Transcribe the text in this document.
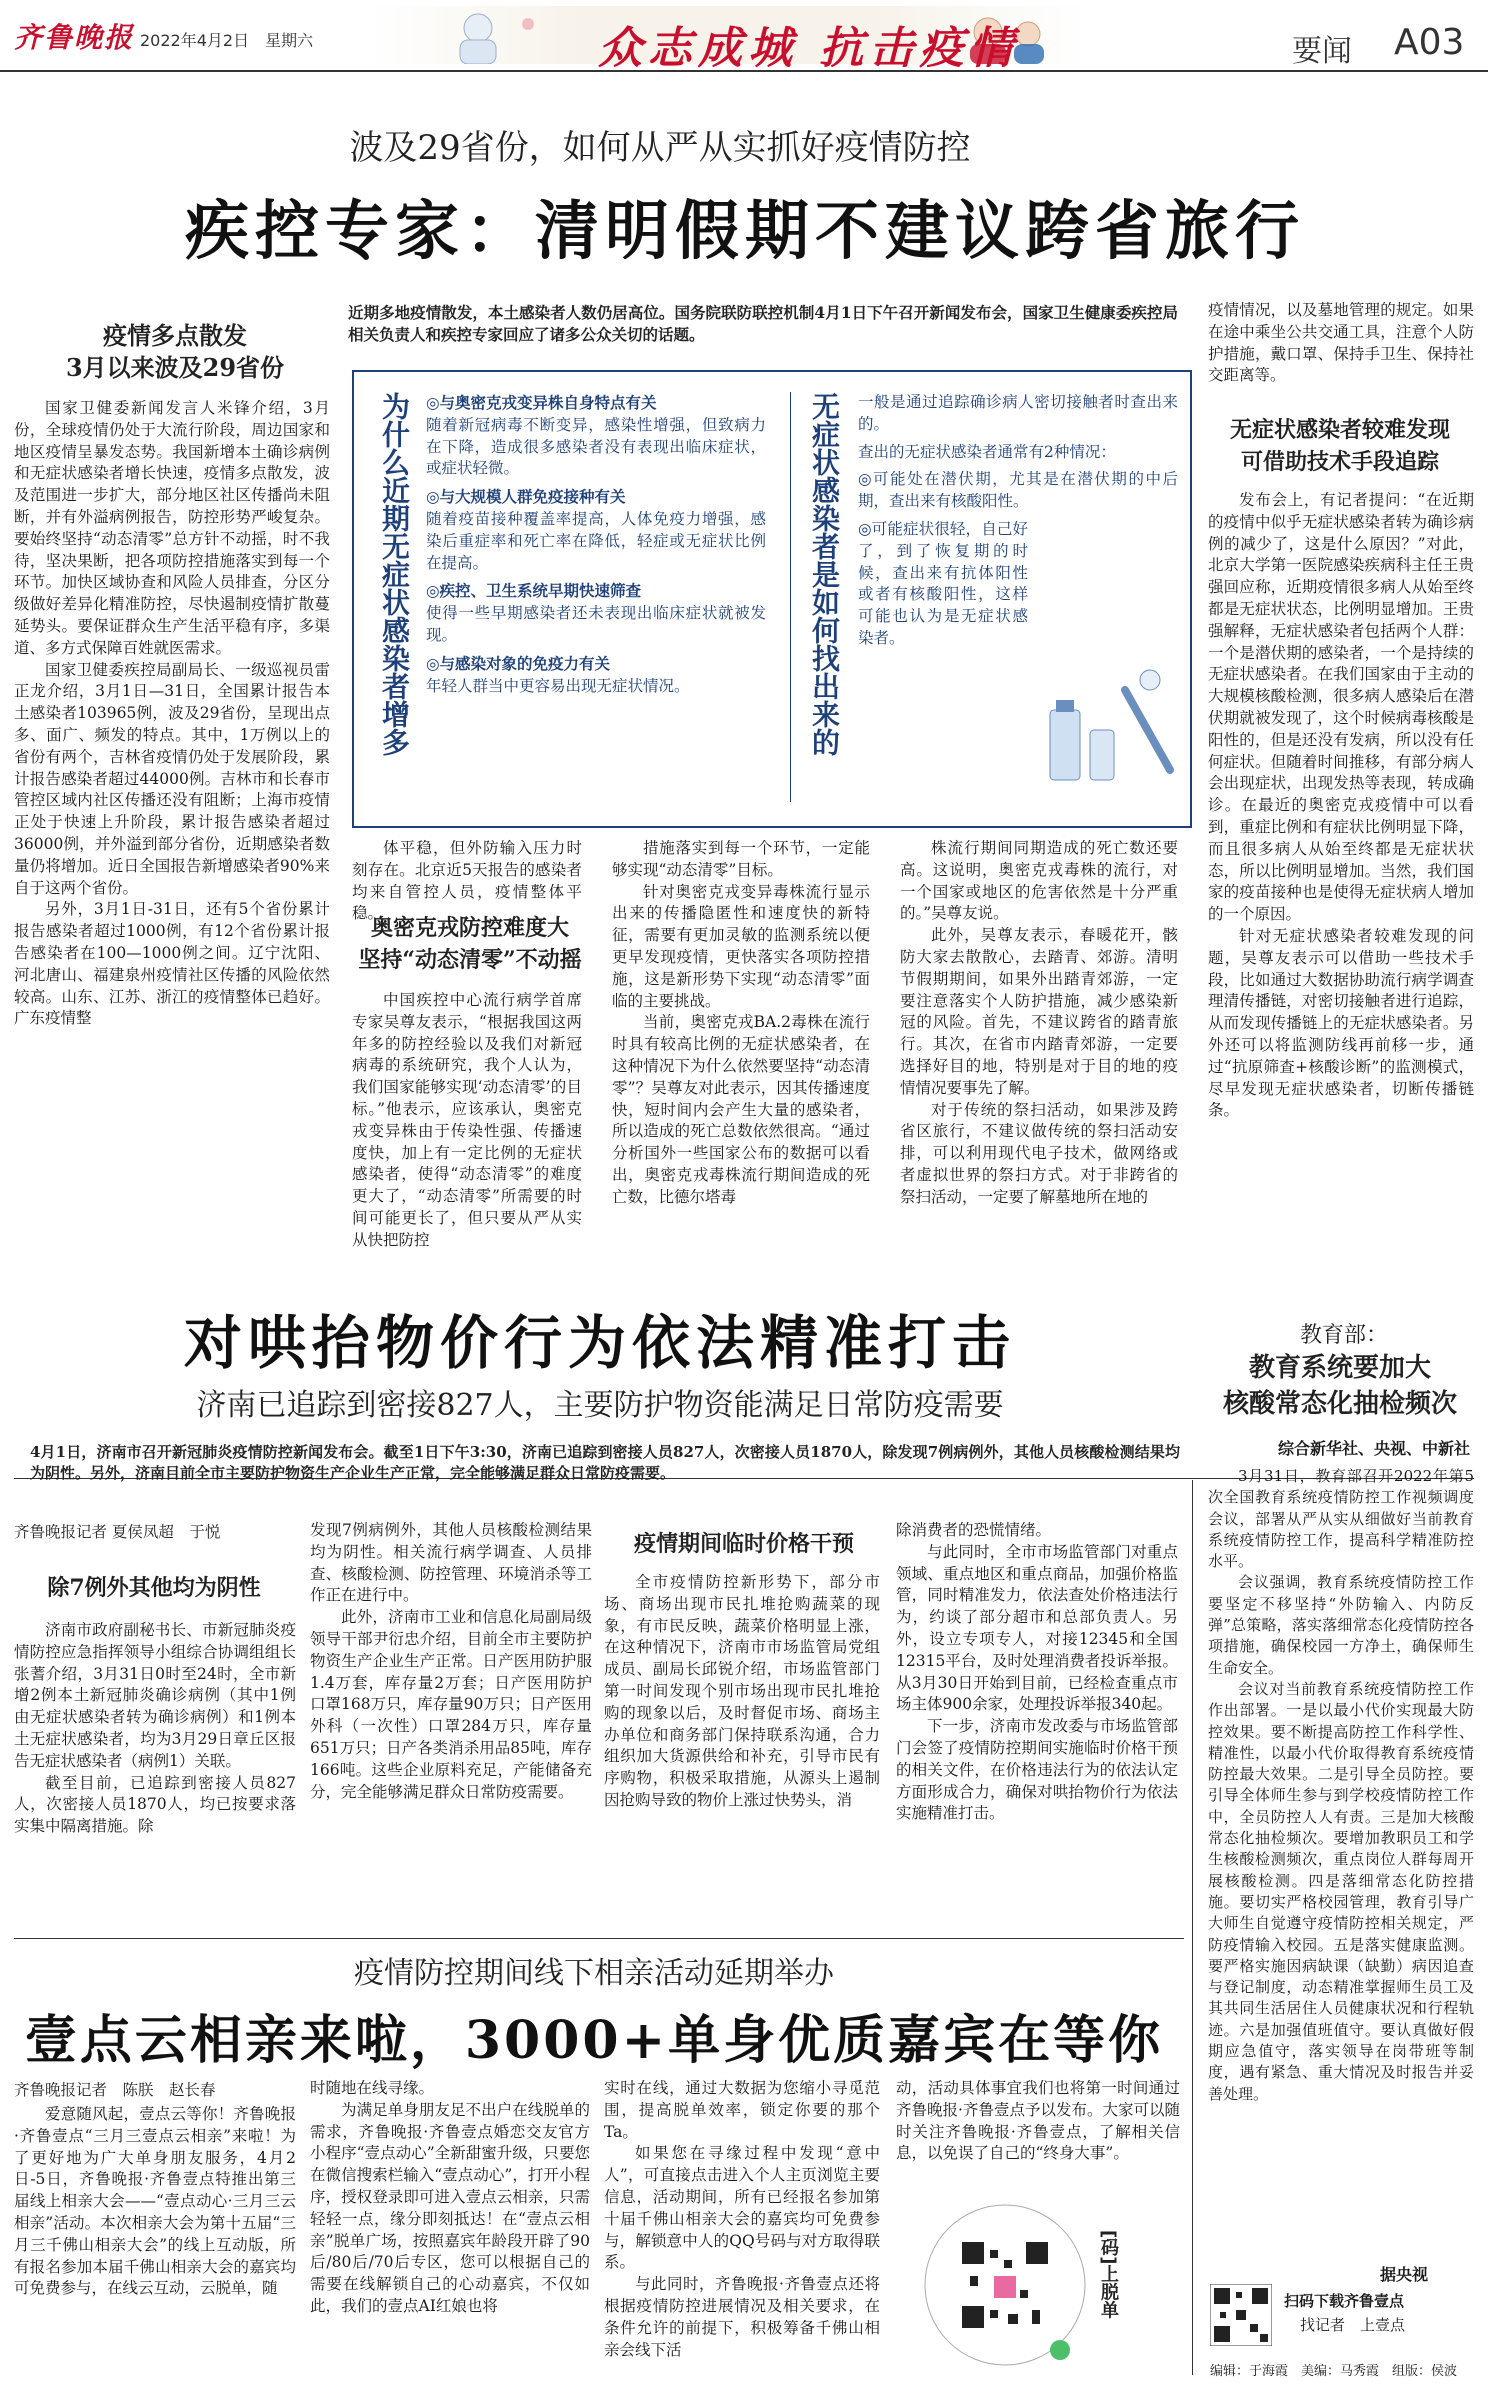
齐鲁晚报 2022年4月2日　 星期六	众志成城 抗击疫情	要闻 A03
波及29省份，如何从严从实抓好疫情防控
疾控专家：清明假期不建议跨省旅行
近期多地疫情散发，本土感染者人数仍居高位。国务院联防联控机制4月1日下午召开新闻发布会，国家卫生健康委疾控局相关负责人和疾控专家回应了诸多公众关切的话题。
疫情多点散发
3月以来波及29省份

国家卫健委新闻发言人米锋介绍，3月份，全球疫情仍处于大流行阶段，周边国家和地区疫情呈暴发态势。我国新增本土确诊病例和无症状感染者增长快速，疫情多点散发，波及范围进一步扩大，部分地区社区传播尚未阻断，并有外溢病例报告，防控形势严峻复杂。要始终坚持“动态清零”总方针不动摇，时不我待，坚决果断，把各项防控措施落实到每一个环节。加快区域协查和风险人员排查，分区分级做好差异化精准防控，尽快遏制疫情扩散蔓延势头。要保证群众生产生活平稳有序，多渠道、多方式保障百姓就医需求。

国家卫健委疾控局副局长、一级巡视员雷正龙介绍，3月1日—31日，全国累计报告本土感染者103965例，波及29省份，呈现出点多、面广、频发的特点。其中，1万例以上的省份有两个，吉林省疫情仍处于发展阶段，累计报告感染者超过44000例。吉林市和长春市管控区域内社区传播还没有阻断；上海市疫情正处于快速上升阶段，累计报告感染者超过36000例，并外溢到部分省份，近期感染者数量仍将增加。近日全国报告新增感染者90%来自于这两个省份。

另外，3月1日-31日，还有5个省份累计报告感染者超过1000例，有12个省份累计报告感染者在100—1000例之间。辽宁沈阳、河北唐山、福建泉州疫情社区传播的风险依然较高。山东、江苏、浙江的疫情整体已趋好。广东疫情整

为什么近期无症状感染者增多 ◎与奥密克戎变异株自身特点有关
随着新冠病毒不断变异，感染性增强，但致病力在下降，造成很多感染者没有表现出临床症状，或症状轻微。

◎与大规模人群免疫接种有关
随着疫苗接种覆盖率提高，人体免疫力增强，感染后重症率和死亡率在降低，轻症或无症状比例在提高。

◎疾控、卫生系统早期快速筛查
使得一些早期感染者还未表现出临床症状就被发现。

◎与感染对象的免疫力有关
年轻人群当中更容易出现无症状情况。	无症状感染者是如何找出来的 一般是通过追踪确诊病人密切接触者时查出来的。

查出的无症状感染者通常有2种情况：

◎可能处在潜伏期，尤其是在潜伏期的中后期，查出来有核酸阳性。

◎可能症状很轻，自己好了，到了恢复期的时候，查出来有抗体阳性或者有核酸阳性，这样可能也认为是无症状感染者。

体平稳，但外防输入压力时刻存在。北京近5天报告的感染者均来自管控人员，疫情整体平稳。

奥密克戎防控难度大
坚持“动态清零”不动摇

中国疾控中心流行病学首席专家吴尊友表示，“根据我国这两年多的防控经验以及我们对新冠病毒的系统研究，我个人认为，我们国家能够实现‘动态清零’的目标。”他表示，应该承认，奥密克戎变异株由于传染性强、传播速度快，加上有一定比例的无症状感染者，使得“动态清零”的难度更大了，“动态清零”所需要的时间可能更长了，但只要从严从实从快把防控

措施落实到每一个环节，一定能够实现“动态清零”目标。

针对奥密克戎变异毒株流行显示出来的传播隐匿性和速度快的新特征，需要有更加灵敏的监测系统以便更早发现疫情，更快落实各项防控措施，这是新形势下实现“动态清零”面临的主要挑战。

当前，奥密克戎BA.2毒株在流行时具有较高比例的无症状感染者，在这种情况下为什么依然要坚持“动态清零”？吴尊友对此表示，因其传播速度快，短时间内会产生大量的感染者，所以造成的死亡总数依然很高。“通过分析国外一些国家公布的数据可以看出，奥密克戎毒株流行期间造成的死亡数，比德尔塔毒

株流行期间同期造成的死亡数还要高。这说明，奥密克戎毒株的流行，对一个国家或地区的危害依然是十分严重的。”吴尊友说。

此外，吴尊友表示，春暖花开，骸防大家去散散心，去踏青、郊游。清明节假期期间，如果外出踏青郊游，一定要注意落实个人防护措施，减少感染新冠的风险。首先，不建议跨省的踏青旅行。其次，在省市内踏青郊游，一定要选择好目的地，特别是对于目的地的疫情情况要事先了解。

对于传统的祭扫活动，如果涉及跨省区旅行，不建议做传统的祭扫活动安排，可以利用现代电子技术，做网络或者虚拟世界的祭扫方式。对于非跨省的祭扫活动，一定要了解墓地所在地的

疫情情况，以及墓地管理的规定。如果在途中乘坐公共交通工具，注意个人防护措施，戴口罩、保持手卫生、保持社交距离等。

无症状感染者较难发现
可借助技术手段追踪

发布会上，有记者提问：“在近期的疫情中似乎无症状感染者转为确诊病例的减少了，这是什么原因？”对此，北京大学第一医院感染疾病科主任王贵强回应称，近期疫情很多病人从始至终都是无症状状态，比例明显增加。王贵强解释，无症状感染者包括两个人群：一个是潜伏期的感染者，一个是持续的无症状感染者。在我们国家由于主动的大规模核酸检测，很多病人感染后在潜伏期就被发现了，这个时候病毒核酸是阳性的，但是还没有发病，所以没有任何症状。但随着时间推移，有部分病人会出现症状，出现发热等表现，转成确诊。在最近的奥密克戎疫情中可以看到，重症比例和有症状比例明显下降，而且很多病人从始至终都是无症状状态，所以比例明显增加。当然，我们国家的疫苗接种也是使得无症状病人增加的一个原因。

针对无症状感染者较难发现的问题，吴尊友表示可以借助一些技术手段，比如通过大数据协助流行病学调查理清传播链，对密切接触者进行追踪，从而发现传播链上的无症状感染者。另外还可以将监测防线再前移一步，通过“抗原筛查+核酸诊断”的监测模式，尽早发现无症状感染者，切断传播链条。

综合新华社、央视、中新社
对哄抬物价行为依法精准打击
济南已追踪到密接827人，主要防护物资能满足日常防疫需要
4月1日，济南市召开新冠肺炎疫情防控新闻发布会。截至1日下午3:30，济南已追踪到密接人员827人，次密接人员1870人，除发现7例病例外，其他人员核酸检测结果均为阴性。另外，济南目前全市主要防护物资生产企业生产正常，完全能够满足群众日常防疫需要。
齐鲁晚报记者 夏侯凤超　于悦
除7例外其他均为阴性

济南市政府副秘书长、市新冠肺炎疫情防控应急指挥领导小组综合协调组组长张蓍介绍，3月31日0时至24时，全市新增2例本土新冠肺炎确诊病例（其中1例由无症状感染者转为确诊病例）和1例本土无症状感染者，均为3月29日章丘区报告无症状感染者（病例1）关联。

截至目前，已追踪到密接人员827人，次密接人员1870人，均已按要求落实集中隔离措施。除

发现7例病例外，其他人员核酸检测结果均为阴性。相关流行病学调查、人员排查、核酸检测、防控管理、环境消杀等工作正在进行中。

此外，济南市工业和信息化局副局级领导干部尹衍忠介绍，目前全市主要防护物资生产企业生产正常。日产医用防护服1.4万套，库存量2万套；日产医用防护口罩168万只，库存量90万只；日产医用外科（一次性）口罩284万只，库存量651万只；日产各类消杀用品85吨，库存166吨。这些企业原料充足，产能储备充分，完全能够满足群众日常防疫需要。

疫情期间临时价格干预

全市疫情防控新形势下，部分市场、商场出现市民扎堆抢购蔬菜的现象，有市民反映，蔬菜价格明显上涨，在这种情况下，济南市市场监管局党组成员、副局长邱锐介绍，市场监管部门第一时间发现个别市场出现市民扎堆抢购的现象以后，及时督促市场、商场主办单位和商务部门保持联系沟通，合力组织加大货源供给和补充，引导市民有序购物，积极采取措施，从源头上遏制因抢购导致的物价上涨过快势头，消

除消费者的恐慌情绪。

与此同时，全市市场监管部门对重点领域、重点地区和重点商品，加强价格监管，同时精准发力，依法查处价格违法行为，约谈了部分超市和总部负责人。另外，设立专项专人，对接12345和全国12315平台，及时处理消费者投诉举报。从3月30日开始到目前，已经检查重点市场主体900余家，处理投诉举报340起。

下一步，济南市发改委与市场监管部门会签了疫情防控期间实施临时价格干预的相关文件，在价格违法行为的依法认定方面形成合力，确保对哄抬物价行为依法实施精准打击。

教育部：
教育系统要加大
核酸常态化抽检频次

3月31日，教育部召开2022年第5次全国教育系统疫情防控工作视频调度会议，部署从严从实从细做好当前教育系统疫情防控工作，提高科学精准防控水平。

会议强调，教育系统疫情防控工作要坚定不移坚持“外防输入、内防反弹”总策略，落实落细常态化疫情防控各项措施，确保校园一方净土，确保师生生命安全。

会议对当前教育系统疫情防控工作作出部署。一是以最小代价实现最大防控效果。要不断提高防控工作科学性、精准性，以最小代价取得教育系统疫情防控最大效果。二是引导全员防控。要引导全体师生参与到学校疫情防控工作中，全员防控人人有责。三是加大核酸常态化抽检频次。要增加教职员工和学生核酸检测频次，重点岗位人群每周开展核酸检测。四是落细常态化防控措施。要切实严格校园管理，教育引导广大师生自觉遵守疫情防控相关规定，严防疫情输入校园。五是落实健康监测。要严格实施因病缺课（缺勤）病因追查与登记制度，动态精准掌握师生员工及其共同生活居住人员健康状况和行程轨迹。六是加强值班值守。要认真做好假期应急值守，落实领导在岗带班等制度，遇有紧急、重大情况及时报告并妥善处理。

据央视
疫情防控期间线下相亲活动延期举办
壹点云相亲来啦，3000+单身优质嘉宾在等你
齐鲁晚报记者　陈朕　赵长春

爱意随风起，壹点云等你！齐鲁晚报·齐鲁壹点“三月三壹点云相亲”来啦！为了更好地为广大单身朋友服务，4月2日-5日，齐鲁晚报·齐鲁壹点特推出第三届线上相亲大会——“壹点动心·三月三云相亲”活动。本次相亲大会为第十五届“三月三千佛山相亲大会”的线上互动版，所有报名参加本届千佛山相亲大会的嘉宾均可免费参与，在线云互动，云脱单，随

时随地在线寻缘。

为满足单身朋友足不出户在线脱单的需求，齐鲁晚报·齐鲁壹点婚恋交友官方小程序“壹点动心”全新甜蜜升级，只要您在微信搜索栏输入“壹点动心”，打开小程序，授权登录即可进入壹点云相亲，只需轻轻一点，缘分即刻抵达！在“壹点云相亲”脱单广场，按照嘉宾年龄段开辟了90后/80后/70后专区，您可以根据自己的需要在线解锁自己的心动嘉宾，不仅如此，我们的壹点AI红娘也将

实时在线，通过大数据为您缩小寻觅范围，提高脱单效率，锁定你要的那个Ta。

如果您在寻缘过程中发现“意中人”，可直接点击进入个人主页浏览主要信息，活动期间，所有已经报名参加第十届千佛山相亲大会的嘉宾均可免费参与，解锁意中人的QQ号码与对方取得联系。

与此同时，齐鲁晚报·齐鲁壹点还将根据疫情防控进展情况及相关要求，在条件允许的前提下，积极筹备千佛山相亲会线下活

动，活动具体事宜我们也将第一时间通过齐鲁晚报·齐鲁壹点予以发布。大家可以随时关注齐鲁晚报·齐鲁壹点，了解相关信息，以免误了自己的“终身大事”。

[码]上脱单	扫码下载齐鲁壹点
找记者　上壹点
编辑：于海霞　美编：马秀霞　组版：侯波
